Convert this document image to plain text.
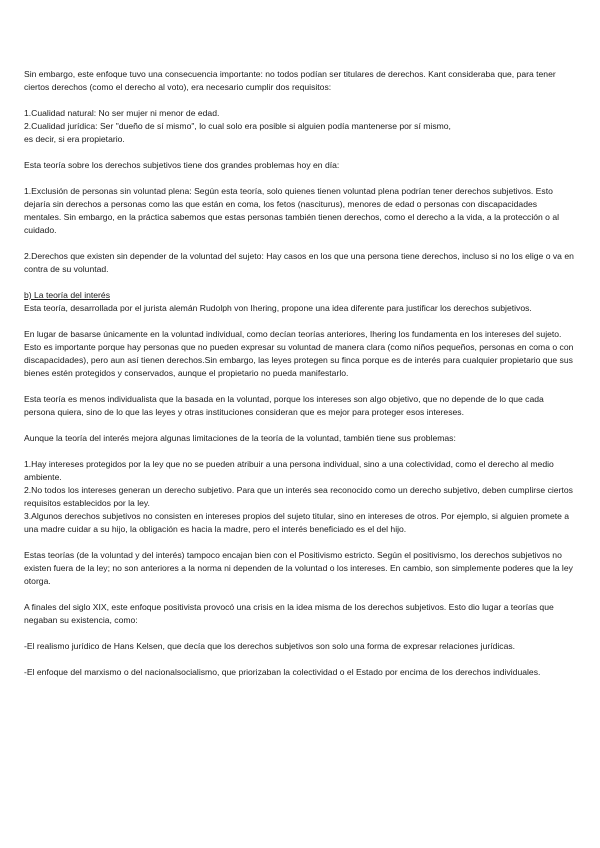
Sin embargo, este enfoque tuvo una consecuencia importante: no todos podían ser titulares de derechos. Kant consideraba que, para tener ciertos derechos (como el derecho al voto), era necesario cumplir dos requisitos:

1.Cualidad natural: No ser mujer ni menor de edad.

2.Cualidad jurídica: Ser "dueño de sí mismo", lo cual solo era posible si alguien podía mantenerse por sí mismo,

es decir, si era propietario.

Esta teoría sobre los derechos subjetivos tiene dos grandes problemas hoy en día:

1.Exclusión de personas sin voluntad plena: Según esta teoría, solo quienes tienen voluntad plena podrían tener derechos subjetivos. Esto dejaría sin derechos a personas como las que están en coma, los fetos (nasciturus), menores de edad o personas con discapacidades mentales. Sin embargo, en la práctica sabemos que estas personas también tienen derechos, como el derecho a la vida, a la protección o al cuidado.

2.Derechos que existen sin depender de la voluntad del sujeto: Hay casos en los que una persona tiene derechos, incluso si no los elige o va en contra de su voluntad.

b) La teoría del interés

Esta teoría, desarrollada por el jurista alemán Rudolph von Ihering, propone una idea diferente para justificar los derechos subjetivos.

En lugar de basarse únicamente en la voluntad individual, como decían teorías anteriores, Ihering los fundamenta en los intereses del sujeto. Esto es importante porque hay personas que no pueden expresar su voluntad de manera clara (como niños pequeños, personas en coma o con discapacidades), pero aun así tienen derechos.Sin embargo, las leyes protegen su finca porque es de interés para cualquier propietario que sus bienes estén protegidos y conservados, aunque el propietario no pueda manifestarlo.

Esta teoría es menos individualista que la basada en la voluntad, porque los intereses son algo objetivo, que no depende de lo que cada persona quiera, sino de lo que las leyes y otras instituciones consideran que es mejor para proteger esos intereses.

Aunque la teoría del interés mejora algunas limitaciones de la teoría de la voluntad, también tiene sus problemas:

1.Hay intereses protegidos por la ley que no se pueden atribuir a una persona individual, sino a una colectividad, como el derecho al medio ambiente.

2.No todos los intereses generan un derecho subjetivo. Para que un interés sea reconocido como un derecho subjetivo, deben cumplirse ciertos requisitos establecidos por la ley.

3.Algunos derechos subjetivos no consisten en intereses propios del sujeto titular, sino en intereses de otros. Por ejemplo, si alguien promete a una madre cuidar a su hijo, la obligación es hacia la madre, pero el interés beneficiado es el del hijo.

Estas teorías (de la voluntad y del interés) tampoco encajan bien con el Positivismo estricto. Según el positivismo, los derechos subjetivos no existen fuera de la ley; no son anteriores a la norma ni dependen de la voluntad o los intereses. En cambio, son simplemente poderes que la ley otorga.

A finales del siglo XIX, este enfoque positivista provocó una crisis en la idea misma de los derechos subjetivos. Esto dio lugar a teorías que negaban su existencia, como:

-El realismo jurídico de Hans Kelsen, que decía que los derechos subjetivos son solo una forma de expresar relaciones jurídicas.

-El enfoque del marxismo o del nacionalsocialismo, que priorizaban la colectividad o el Estado por encima de los derechos individuales.
